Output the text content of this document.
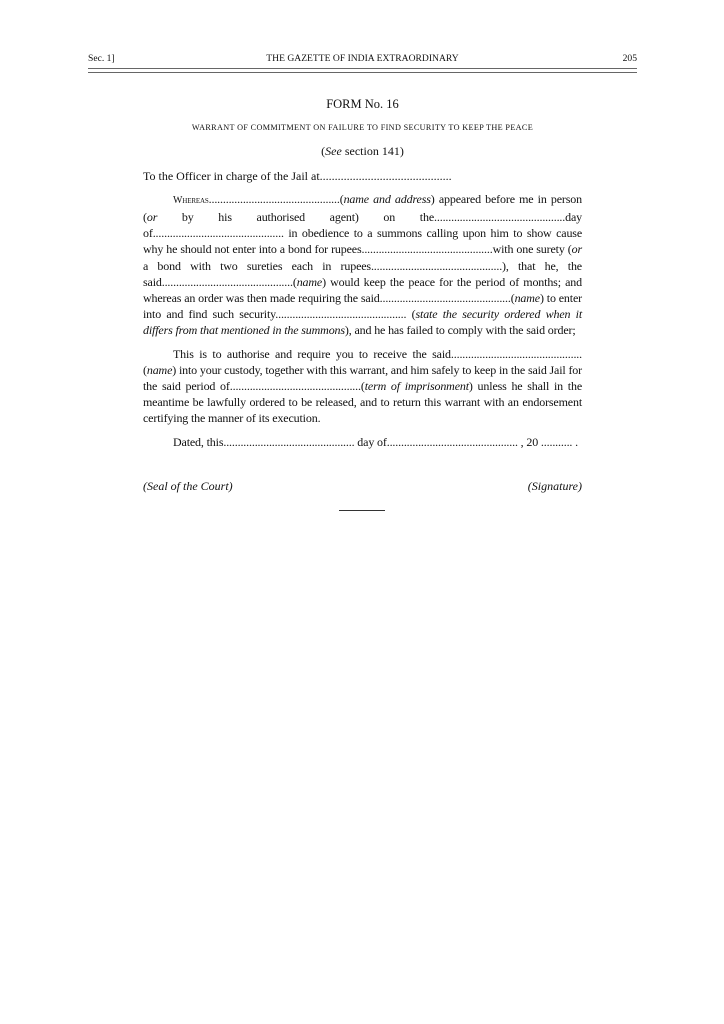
Sec. 1]	THE GAZETTE OF INDIA EXTRAORDINARY	205

FORM No. 16

WARRANT OF COMMITMENT ON FAILURE TO FIND SECURITY TO KEEP THE PEACE

(See section 141)

To the Officer in charge of the Jail at............................................

Whereas..............................................(name and address) appeared before me in person (or by his authorised agent) on the..............................................day of.............................................. in obedience to a summons calling upon him to show cause why he should not enter into a bond for rupees..............................................with one surety (or a bond with two sureties each in rupees..............................................), that he, the said..............................................(name) would keep the peace for the period of months; and whereas an order was then made requiring the said..............................................(name) to enter into and find such security.............................................. (state the security ordered when it differs from that mentioned in the summons), and he has failed to comply with the said order;

This is to authorise and require you to receive the said..............................................(name) into your custody, together with this warrant, and him safely to keep in the said Jail for the said period of..............................................(term of imprisonment) unless he shall in the meantime be lawfully ordered to be released, and to return this warrant with an endorsement certifying the manner of its execution.

Dated, this.............................................. day of.............................................. , 20 ........... .

(Seal of the Court)	(Signature)
